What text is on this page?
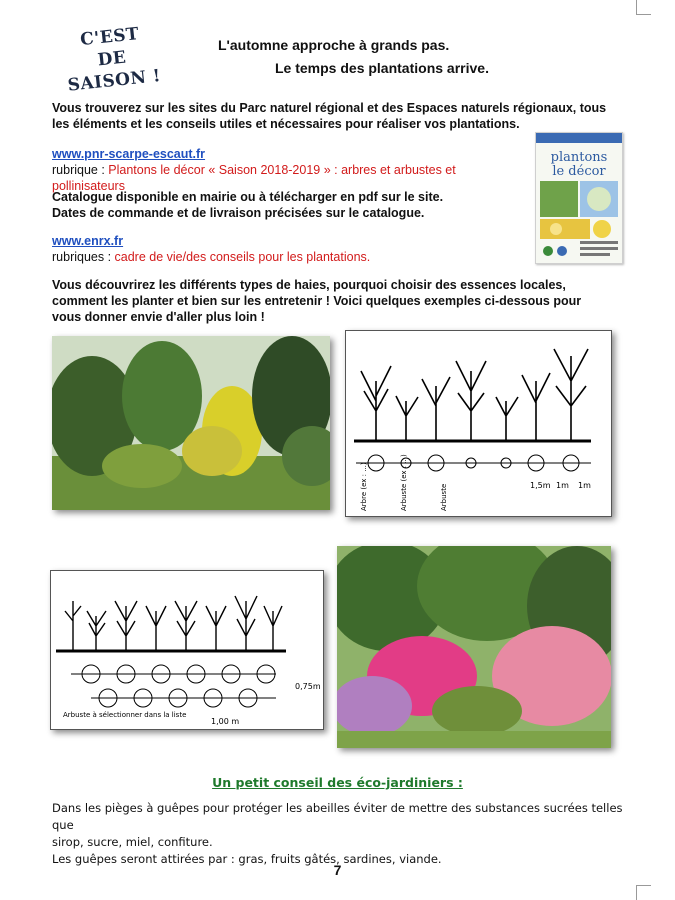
C'EST
DE
SAISON !
L'automne approche à grands pas.
Le temps des plantations arrive.
Vous trouverez sur les sites du Parc naturel régional et des Espaces naturels régionaux, tous les éléments et les conseils utiles et nécessaires pour réaliser vos plantations.
www.pnr-scarpe-escaut.fr
rubrique : Plantons le décor « Saison 2018-2019 » : arbres et arbustes et pollinisateurs
Catalogue disponible en mairie ou à télécharger en pdf sur le site.
Dates de commande et de livraison précisées sur le catalogue.
www.enrx.fr
rubriques : cadre de vie/des conseils pour les plantations.
plantons
le décor
Vous découvrirez les différents types de haies, pourquoi choisir des essences locales, comment les planter et bien sur les entretenir ! Voici quelques exemples ci-dessous pour vous donner envie d'aller plus loin !
1,5m 1m 1m
Arbre (ex : ...)	Arbuste (ex : ...)	Arbuste
0,75m
1,00 m
Arbuste à sélectionner dans la liste
Un petit conseil des éco-jardiniers :
Dans les pièges à guêpes pour protéger les abeilles éviter de mettre des substances sucrées telles que
sirop, sucre, miel, confiture.
Les guêpes seront attirées par : gras, fruits gâtés, sardines, viande.
7
